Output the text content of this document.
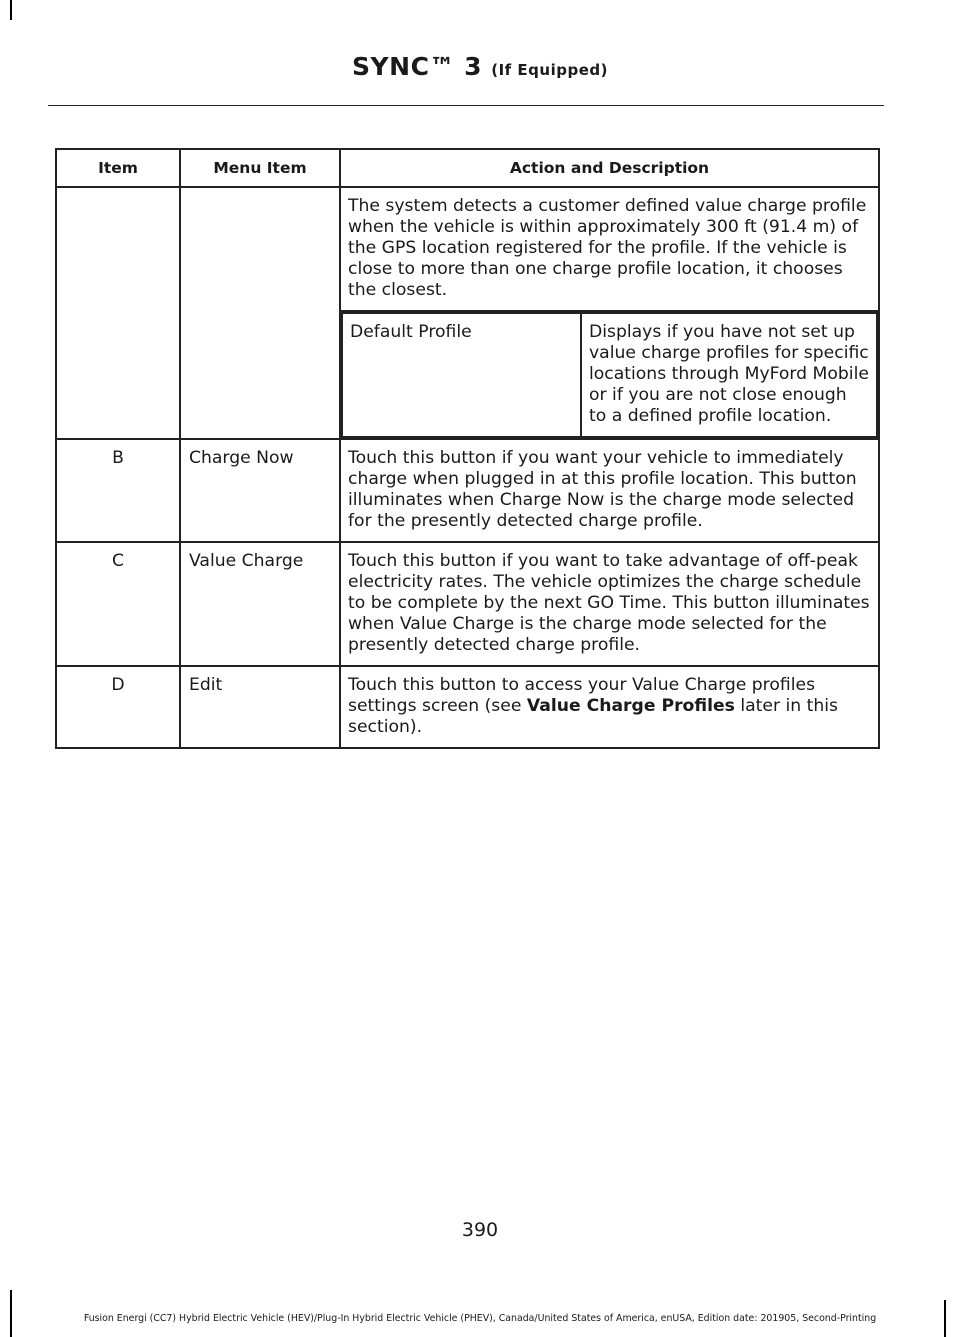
SYNC™ 3 (If Equipped)
Item	Menu Item	Action and Description

The system detects a customer defined value charge profile when the vehicle is within approximately 300 ft (91.4 m) of the GPS location registered for the profile. If the vehicle is close to more than one charge profile location, it chooses the closest.
Default Profile	Displays if you have not set up value charge profiles for specific locations through MyFord Mobile or if you are not close enough to a defined profile location.

B	Charge Now	Touch this button if you want your vehicle to immediately charge when plugged in at this profile location. This button illuminates when Charge Now is the charge mode selected for the presently detected charge profile.

C	Value Charge	Touch this button if you want to take advantage of off-peak electricity rates. The vehicle optimizes the charge schedule to be complete by the next GO Time. This button illuminates when Value Charge is the charge mode selected for the presently detected charge profile.

D	Edit	Touch this button to access your Value Charge profiles settings screen (see Value Charge Profiles later in this section).
390
Fusion Energi (CC7) Hybrid Electric Vehicle (HEV)/Plug-In Hybrid Electric Vehicle (PHEV), Canada/United States of America, enUSA, Edition date: 201905, Second-Printing
